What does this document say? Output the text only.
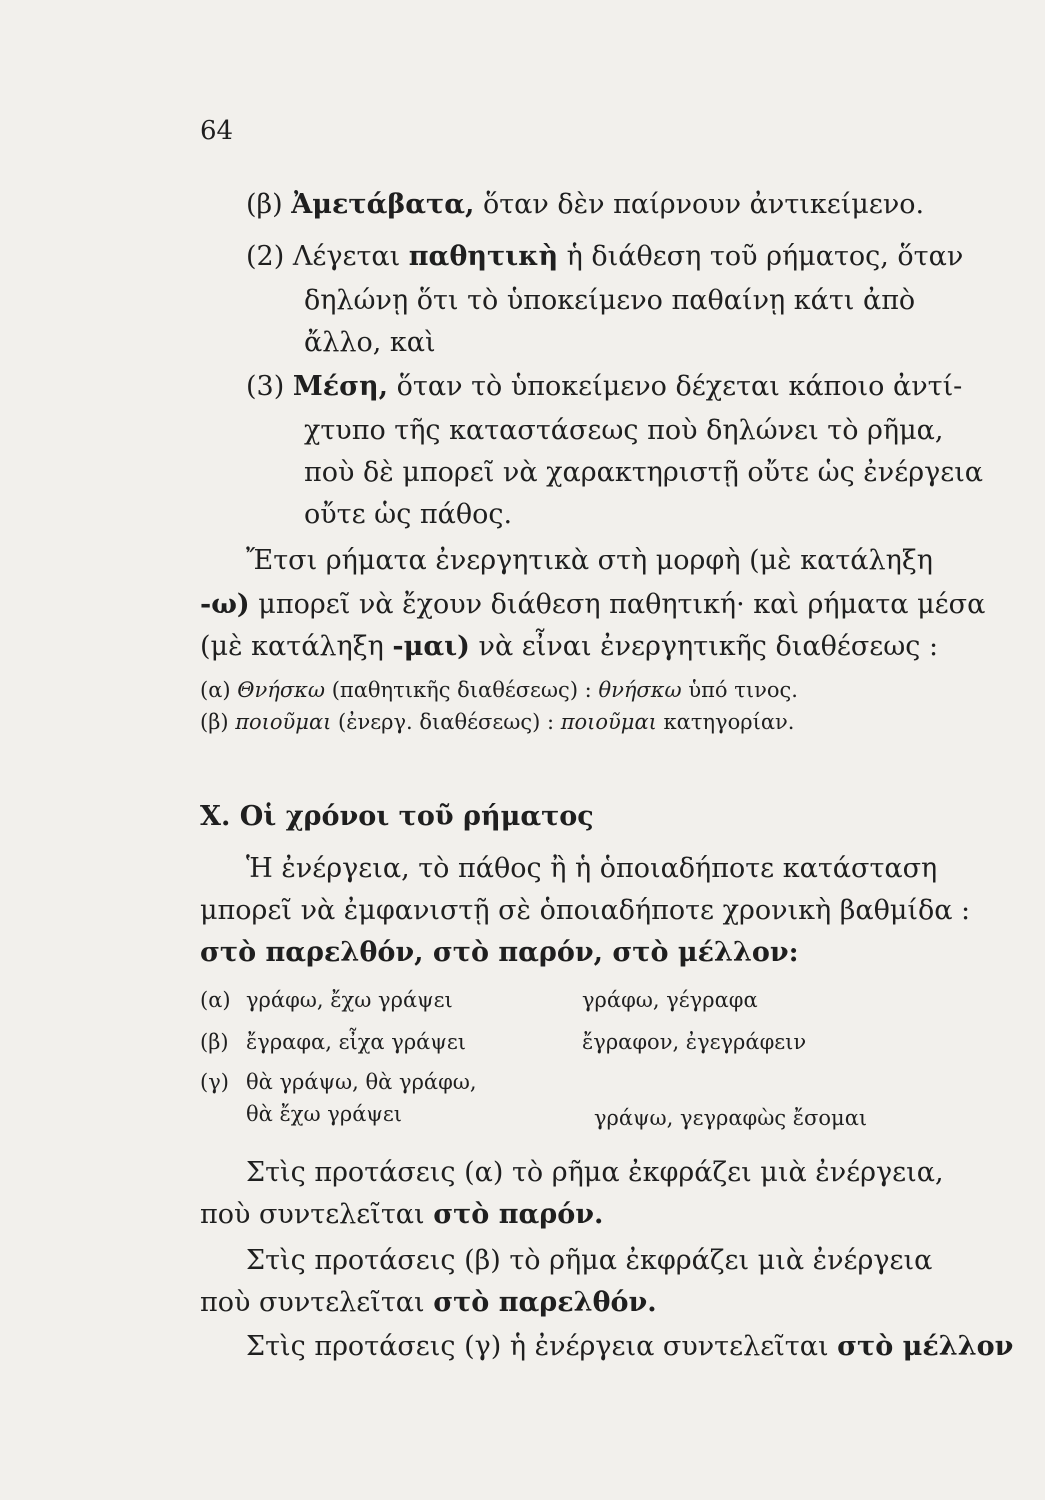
64
(β) Ἀμετάβατα, ὅταν δὲν παίρνουν ἀντικείμενο.
(2) Λέγεται παθητικὴ ἡ διάθεση τοῦ ρήματος, ὅταν
δηλώνῃ ὅτι τὸ ὑποκείμενο παθαίνῃ κάτι ἀπὸ
ἄλλο, καὶ
(3) Μέση, ὅταν τὸ ὑποκείμενο δέχεται κάποιο ἀντί-
χτυπο τῆς καταστάσεως ποὺ δηλώνει τὸ ρῆμα,
ποὺ δὲ μπορεῖ νὰ χαρακτηριστῇ οὔτε ὡς ἐνέργεια
οὔτε ὡς πάθος.
Ἔτσι ρήματα ἐνεργητικὰ στὴ μορφὴ (μὲ κατάληξη
-ω) μπορεῖ νὰ ἔχουν διάθεση παθητική· καὶ ρήματα μέσα
(μὲ κατάληξη -μαι) νὰ εἶναι ἐνεργητικῆς διαθέσεως :
(α) Θνήσκω (παθητικῆς διαθέσεως) : θνήσκω ὑπό τινος.
(β) ποιοῦμαι (ἐνεργ. διαθέσεως) : ποιοῦμαι κατηγορίαν.
X. Οἱ χρόνοι τοῦ ρήματος
Ἡ ἐνέργεια, τὸ πάθος ἢ ἡ ὁποιαδήποτε κατάσταση
μπορεῖ νὰ ἐμφανιστῇ σὲ ὁποιαδήποτε χρονικὴ βαθμίδα :
στὸ παρελθόν, στὸ παρόν, στὸ μέλλον:
(α) γράφω, ἔχω γράψει	γράφω, γέγραφα
(β) ἔγραφα, εἶχα γράψει	ἔγραφον, ἐγεγράφειν
(γ) θὰ γράψω, θὰ γράφω,
θὰ ἔχω γράψει	γράψω, γεγραφὼς ἔσομαι
Στὶς προτάσεις (α) τὸ ρῆμα ἐκφράζει μιὰ ἐνέργεια,
ποὺ συντελεῖται στὸ παρόν.
Στὶς προτάσεις (β) τὸ ρῆμα ἐκφράζει μιὰ ἐνέργεια
ποὺ συντελεῖται στὸ παρελθόν.
Στὶς προτάσεις (γ) ἡ ἐνέργεια συντελεῖται στὸ μέλλον
